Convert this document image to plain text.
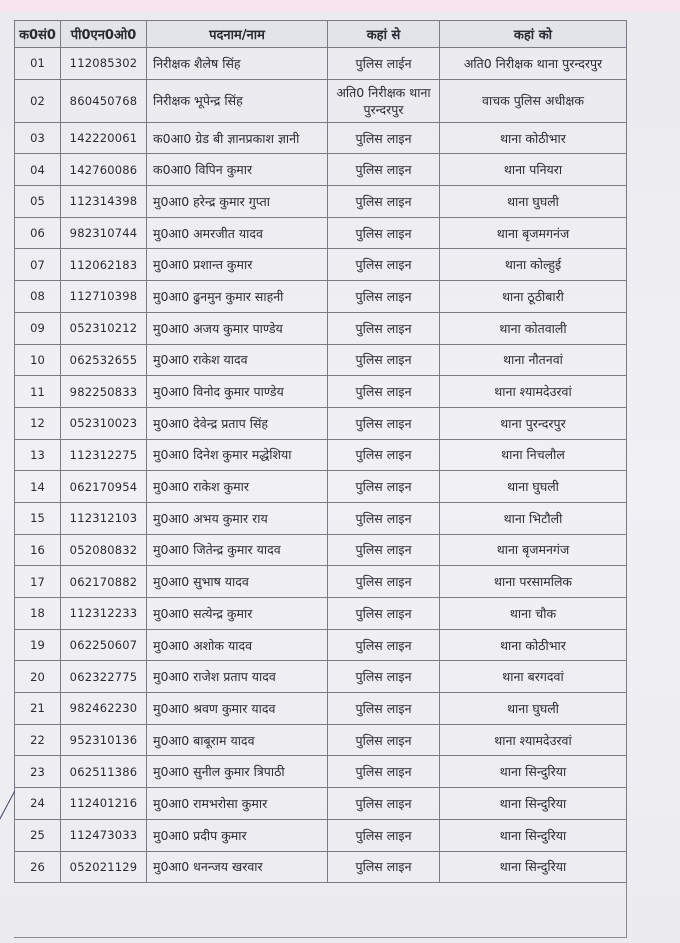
क0सं0	पी0एन0ओ0	पदनाम/नाम	कहां से	कहां को
01	112085302	निरीक्षक शैलेष सिंह	पुलिस लाईन	अति0 निरीक्षक थाना पुरन्दरपुर
02	860450768	निरीक्षक भूपेन्द्र सिंह	अति0 निरीक्षक थाना पुरन्दरपुर	वाचक पुलिस अधीक्षक
03	142220061	क0आ0 ग्रेड बी ज्ञानप्रकाश ज्ञानी	पुलिस लाइन	थाना कोठीभार
04	142760086	क0आ0 विपिन कुमार	पुलिस लाइन	थाना पनियरा
05	112314398	मु0आ0 हरेन्द्र कुमार गुप्ता	पुलिस लाइन	थाना घुघली
06	982310744	मु0आ0 अमरजीत यादव	पुलिस लाइन	थाना बृजमगनंज
07	112062183	मु0आ0 प्रशान्त कुमार	पुलिस लाइन	थाना कोल्हुई
08	112710398	मु0आ0 ढुनमुन कुमार साहनी	पुलिस लाइन	थाना ठूठीबारी
09	052310212	मु0आ0 अजय कुमार पाण्डेय	पुलिस लाइन	थाना कोतवाली
10	062532655	मु0आ0 राकेश यादव	पुलिस लाइन	थाना नौतनवां
11	982250833	मु0आ0 विनोद कुमार पाण्डेय	पुलिस लाइन	थाना श्यामदेउरवां
12	052310023	मु0आ0 देवेन्द्र प्रताप सिंह	पुलिस लाइन	थाना पुरन्दरपुर
13	112312275	मु0आ0 दिनेश कुमार मद्धेशिया	पुलिस लाइन	थाना निचलौल
14	062170954	मु0आ0 राकेश कुमार	पुलिस लाइन	थाना घुघली
15	112312103	मु0आ0 अभय कुमार राय	पुलिस लाइन	थाना भिटौली
16	052080832	मु0आ0 जितेन्द्र कुमार यादव	पुलिस लाइन	थाना बृजमनगंज
17	062170882	मु0आ0 सुभाष यादव	पुलिस लाइन	थाना परसामलिक
18	112312233	मु0आ0 सत्येन्द्र कुमार	पुलिस लाइन	थाना चौक
19	062250607	मु0आ0 अशोक यादव	पुलिस लाइन	थाना कोठीभार
20	062322775	मु0आ0 राजेश प्रताप यादव	पुलिस लाइन	थाना बरगदवां
21	982462230	मु0आ0 श्रवण कुमार यादव	पुलिस लाइन	थाना घुघली
22	952310136	मु0आ0 बाबूराम यादव	पुलिस लाइन	थाना श्यामदेउरवां
23	062511386	मु0आ0 सुनील कुमार त्रिपाठी	पुलिस लाइन	थाना सिन्दुरिया
24	112401216	मु0आ0 रामभरोसा कुमार	पुलिस लाइन	थाना सिन्दुरिया
25	112473033	मु0आ0 प्रदीप कुमार	पुलिस लाइन	थाना सिन्दुरिया
26	052021129	मु0आ0 धनन्जय खरवार	पुलिस लाइन	थाना सिन्दुरिया
